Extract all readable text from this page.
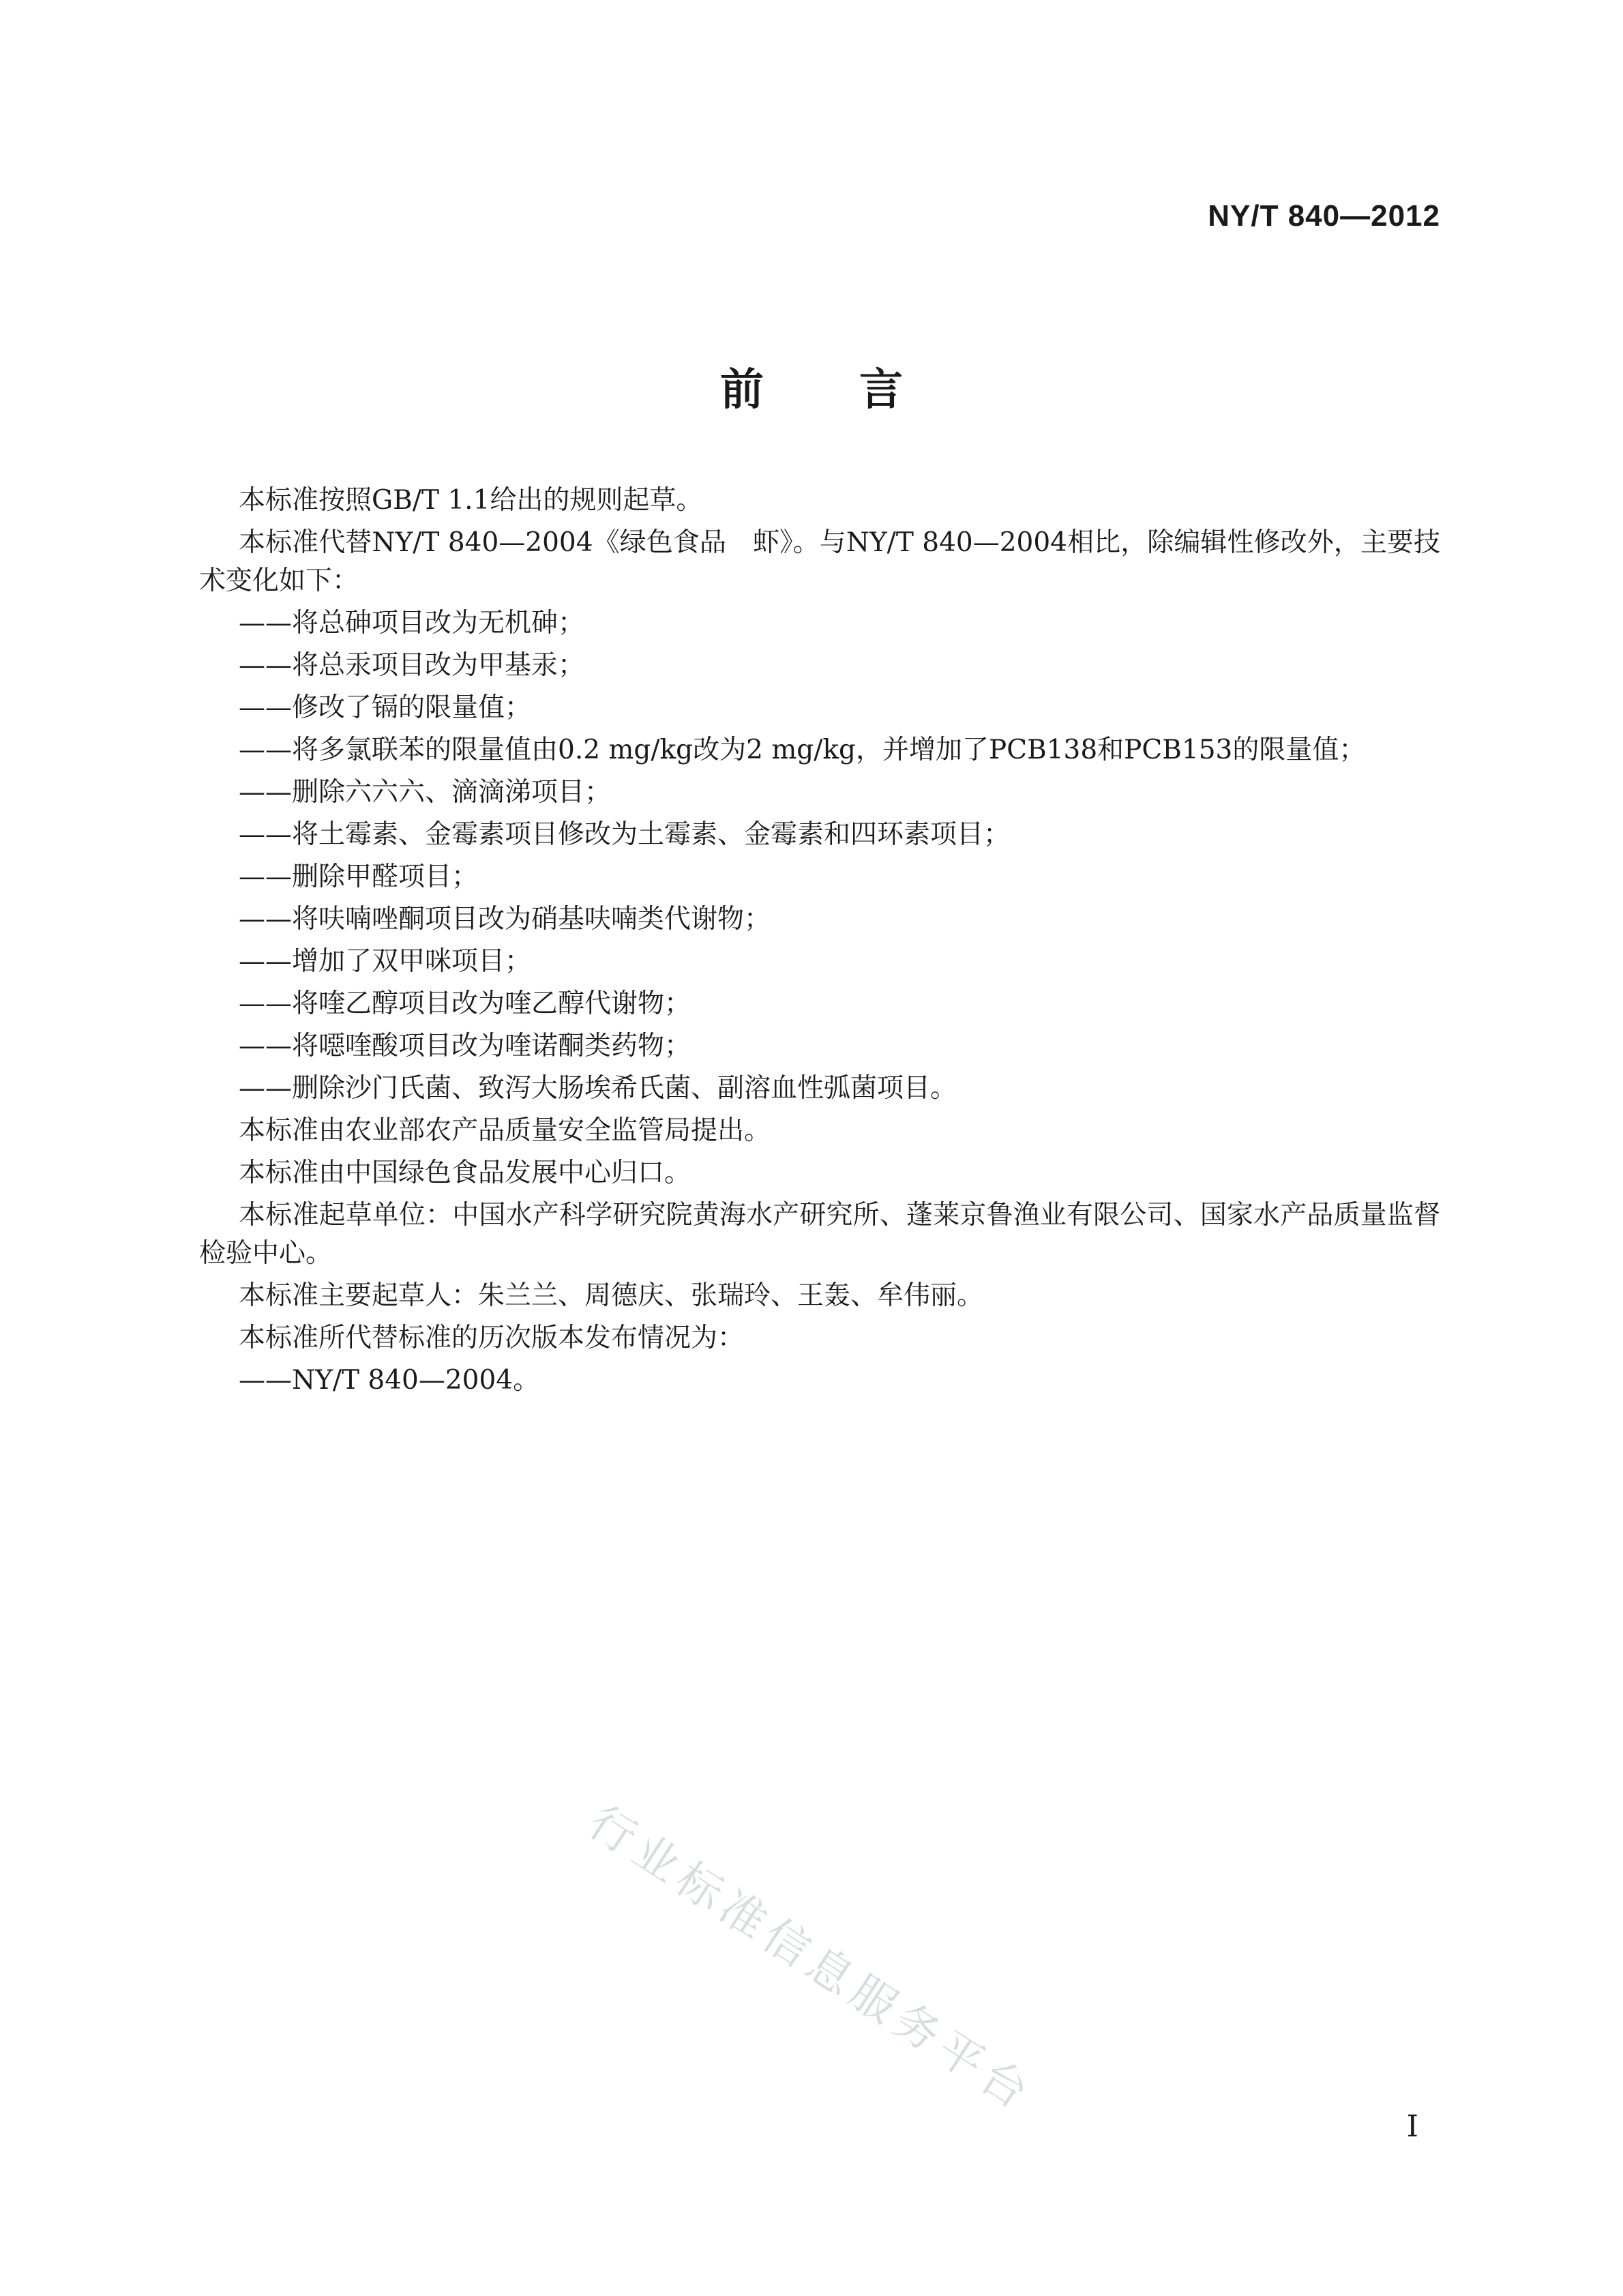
NY/T 840—2012
前言

本标准按照GB/T 1.1给出的规则起草。

本标准代替NY/T 840—2004《绿色食品　虾》。与NY/T 840—2004相比，除编辑性修改外，主要技术变化如下：

——将总砷项目改为无机砷；

——将总汞项目改为甲基汞；

——修改了镉的限量值；

——将多氯联苯的限量值由0.2 mg/kg改为2 mg/kg，并增加了PCB138和PCB153的限量值；

——删除六六六、滴滴涕项目；

——将土霉素、金霉素项目修改为土霉素、金霉素和四环素项目；

——删除甲醛项目；

——将呋喃唑酮项目改为硝基呋喃类代谢物；

——增加了双甲咪项目；

——将喹乙醇项目改为喹乙醇代谢物；

——将噁喹酸项目改为喹诺酮类药物；

——删除沙门氏菌、致泻大肠埃希氏菌、副溶血性弧菌项目。

本标准由农业部农产品质量安全监管局提出。

本标准由中国绿色食品发展中心归口。

本标准起草单位：中国水产科学研究院黄海水产研究所、蓬莱京鲁渔业有限公司、国家水产品质量监督检验中心。

本标准主要起草人：朱兰兰、周德庆、张瑞玲、王轰、牟伟丽。

本标准所代替标准的历次版本发布情况为：

——NY/T 840—2004。

行业标准信息服务平台
I
